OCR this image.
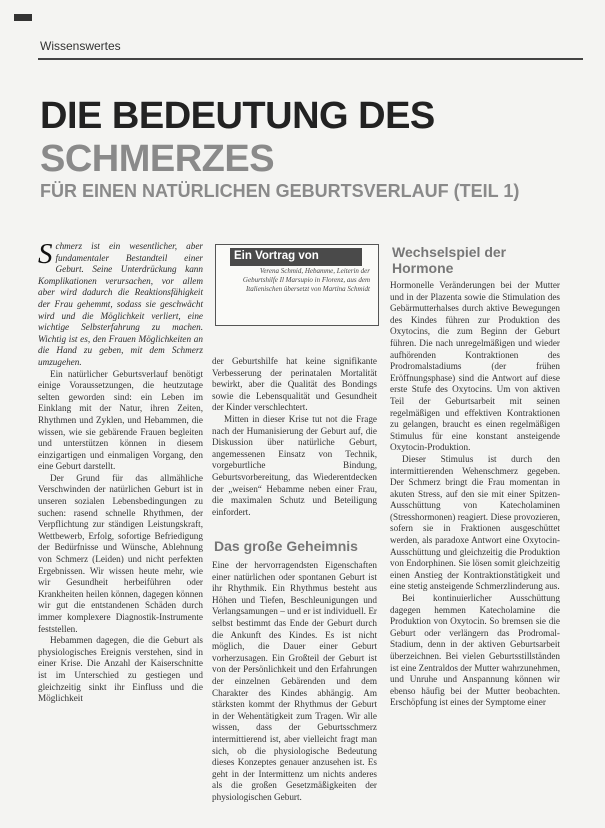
Wissenswertes
DIE BEDEUTUNG DES
SCHMERZES
FÜR EINEN NATÜRLICHEN GEBURTSVERLAUF (TEIL 1)

Schmerz ist ein wesentlicher, aber fundamentaler Bestandteil einer Geburt. Seine Unterdrückung kann Komplikationen verursachen, vor allem aber wird dadurch die Reaktionsfähigkeit der Frau gehemmt, sodass sie geschwächt wird und die Möglichkeit verliert, eine wichtige Selbsterfahrung zu machen. Wichtig ist es, den Frauen Möglichkeiten an die Hand zu geben, mit dem Schmerz umzugehen.

Ein natürlicher Geburtsverlauf benötigt einige Voraussetzungen, die heutzutage selten geworden sind: ein Leben im Einklang mit der Natur, ihren Zeiten, Rhythmen und Zyklen, und Hebammen, die wissen, wie sie gebärende Frauen begleiten und unterstützen können in diesem einzigartigen und einmaligen Vorgang, den eine Geburt darstellt.

Der Grund für das allmähliche Verschwinden der natürlichen Geburt ist in unseren sozialen Lebensbedingungen zu suchen: rasend schnelle Rhythmen, der Verpflichtung zur ständigen Leistungskraft, Wettbewerb, Erfolg, sofortige Befriedigung der Bedürfnisse und Wünsche, Ablehnung von Schmerz (Leiden) und nicht perfekten Ergebnissen. Wir wissen heute mehr, wie wir Gesundheit herbeiführen oder Krankheiten heilen können, dagegen können wir gut die entstandenen Schäden durch immer komplexere Diagnostik-Instrumente feststellen.

Hebammen dagegen, die die Geburt als physiologisches Ereignis verstehen, sind in einer Krise. Die Anzahl der Kaiserschnitte ist im Unterschied zu gestiegen und gleichzeitig sinkt ihr Einfluss und die Möglichkeit

Ein Vortrag von
Verena Schmid, Hebamme, Leiterin der Geburtshilfe Il Marsupio in Florenz, aus dem Italienischen übersetzt von Martina Schmidt

der Geburtshilfe hat keine signifikante Verbesserung der perinatalen Mortalität bewirkt, aber die Qualität des Bondings sowie die Lebensqualität und Gesundheit der Kinder verschlechtert.

Mitten in dieser Krise tut not die Frage nach der Humanisierung der Geburt auf, die Diskussion über natürliche Geburt, angemessenen Einsatz von Technik, vorgeburtliche Bindung, Geburtsvorbereitung, das Wiederentdecken der „weisen“ Hebamme neben einer Frau, die maximalen Schutz und Beteiligung einfordert.

Das große Geheimnis

Eine der hervorragendsten Eigenschaften einer natürlichen oder spontanen Geburt ist ihr Rhythmik. Ein Rhythmus besteht aus Höhen und Tiefen, Beschleunigungen und Verlangsamungen – und er ist individuell. Er selbst bestimmt das Ende der Geburt durch die Ankunft des Kindes. Es ist nicht möglich, die Dauer einer Geburt vorherzusagen. Ein Großteil der Geburt ist von der Persönlichkeit und den Erfahrungen der einzelnen Gebärenden und dem Charakter des Kindes abhängig. Am stärksten kommt der Rhythmus der Geburt in der Wehentätigkeit zum Tragen. Wir alle wissen, dass der Geburtsschmerz intermittierend ist, aber vielleicht fragt man sich, ob die physiologische Bedeutung dieses Konzeptes genauer anzusehen ist. Es geht in der Intermittenz um nichts anderes als die großen Gesetzmäßigkeiten der physiologischen Geburt.

Wechselspiel der Hormone

Hormonelle Veränderungen bei der Mutter und in der Plazenta sowie die Stimulation des Gebärmutterhalses durch aktive Bewegungen des Kindes führen zur Produktion des Oxytocins, die zum Beginn der Geburt führen. Die nach unregelmäßigen und wieder aufhörenden Kontraktionen des Prodromalstadiums (der frühen Eröffnungsphase) sind die Antwort auf diese erste Stufe des Oxytocins. Um von aktiven Teil der Geburtsarbeit mit seinen regelmäßigen und effektiven Kontraktionen zu gelangen, braucht es einen regelmäßigen Stimulus für eine konstant ansteigende Oxytocin-Produktion.

Dieser Stimulus ist durch den intermittierenden Wehenschmerz gegeben. Der Schmerz bringt die Frau momentan in akuten Stress, auf den sie mit einer Spitzen-Ausschüttung von Katecholaminen (Stresshormonen) reagiert. Diese provozieren, sofern sie in Fraktionen ausgeschüttet werden, als paradoxe Antwort eine Oxytocin-Ausschüttung und gleichzeitig die Produktion von Endorphinen. Sie lösen somit gleichzeitig einen Anstieg der Kontraktionstätigkeit und eine stetig ansteigende Schmerzlinderung aus.

Bei kontinuierlicher Ausschüttung dagegen hemmen Katecholamine die Produktion von Oxytocin. So bremsen sie die Geburt oder verlängern das Prodromal-Stadium, denn in der aktiven Geburtsarbeit überzeichnen. Bei vielen Geburtsstillständen ist eine Zentraldos der Mutter wahrzunehmen, und Unruhe und Anspannung können wir ebenso häufig bei der Mutter beobachten. Erschöpfung ist eines der Symptome einer
